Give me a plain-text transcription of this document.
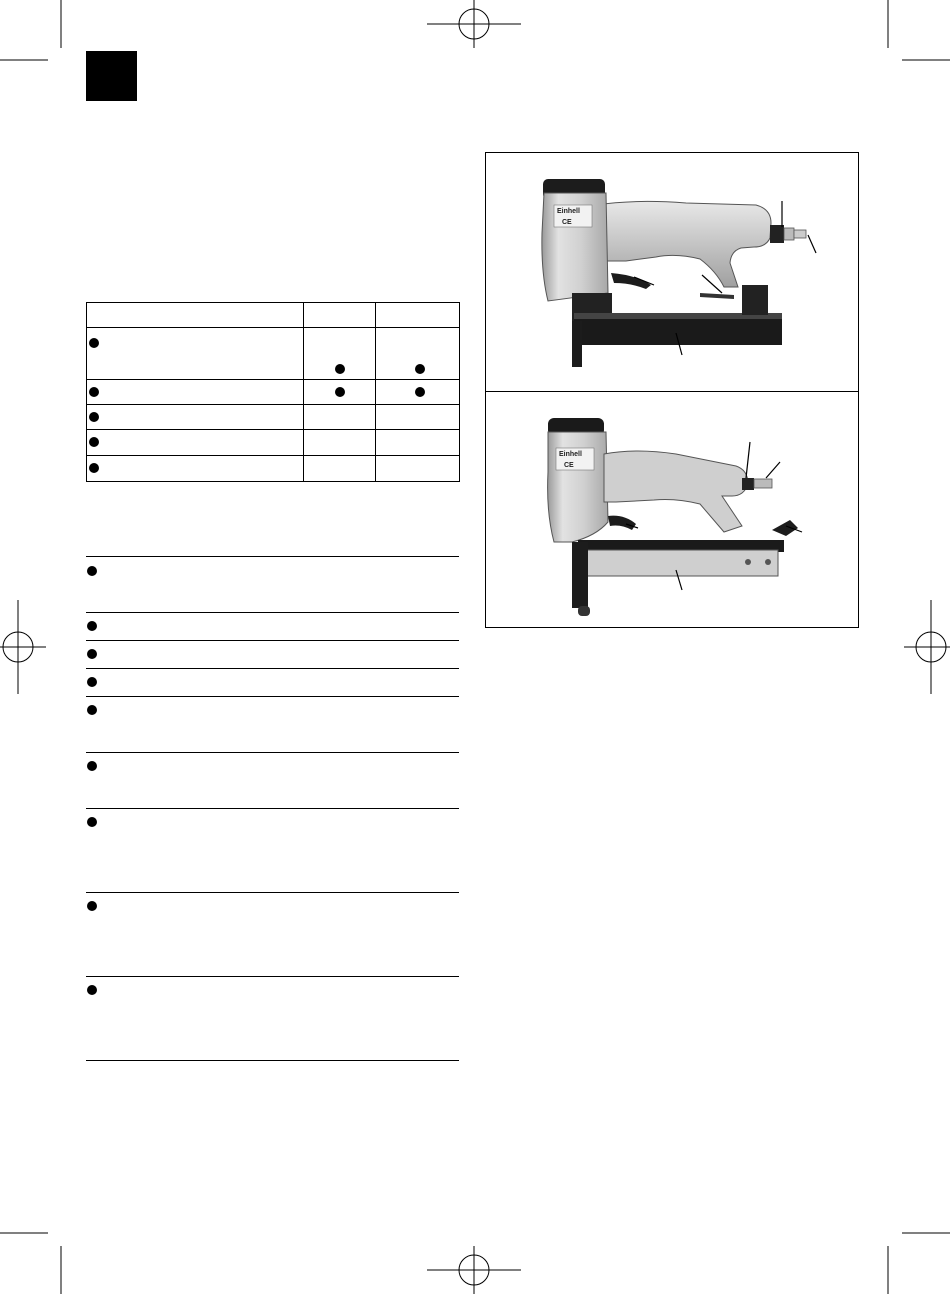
Einhell
CE
Einhell
CE
